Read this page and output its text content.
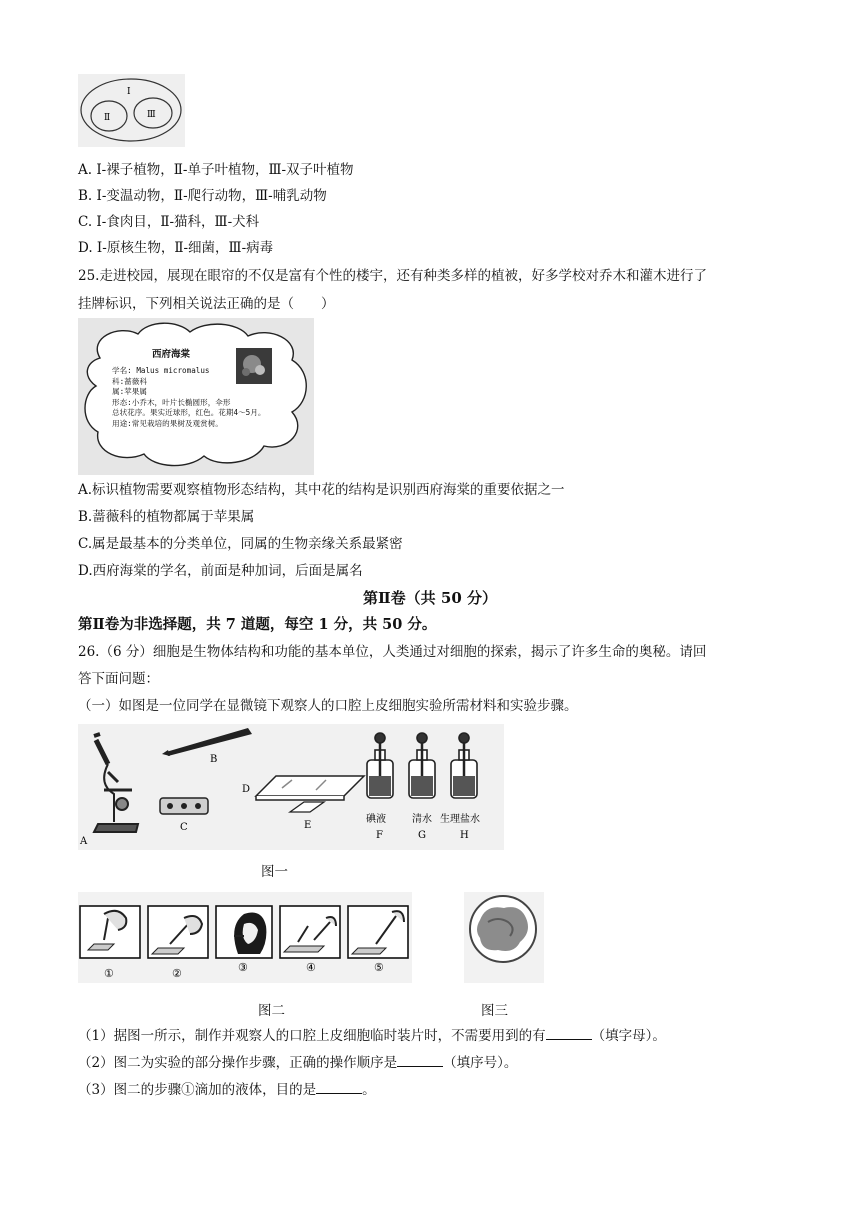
Ⅰ
Ⅱ	Ⅲ
A. Ⅰ-裸子植物，Ⅱ-单子叶植物，Ⅲ-双子叶植物
B. Ⅰ-变温动物，Ⅱ-爬行动物，Ⅲ-哺乳动物
C. Ⅰ-食肉目，Ⅱ-猫科，Ⅲ-犬科
D. Ⅰ-原核生物，Ⅱ-细菌，Ⅲ-病毒
25.走进校园，展现在眼帘的不仅是富有个性的楼宇，还有种类多样的植被，好多学校对乔木和灌木进行了
挂牌标识，下列相关说法正确的是（　　）
西府海棠
学名: Malus micromalus
科:蔷薇科
属:苹果属
形态:小乔木，叶片长椭圆形，伞形
总状花序。果实近球形，红色。花期4～5月。
用途:常见栽培的果树及观赏树。
A.标识植物需要观察植物形态结构，其中花的结构是识别西府海棠的重要依据之一
B.蔷薇科的植物都属于苹果属
C.属是最基本的分类单位，同属的生物亲缘关系最紧密
D.西府海棠的学名，前面是种加词，后面是属名
第Ⅱ卷（共 50 分）
第Ⅱ卷为非选择题，共 7 道题，每空 1 分，共 50 分。
26.（6 分）细胞是生物体结构和功能的基本单位，人类通过对细胞的探索，揭示了许多生命的奥秘。请回
答下面问题：
（一）如图是一位同学在显微镜下观察人的口腔上皮细胞实验所需材料和实验步骤。
A
B
C
D
E
碘液	清水 生理盐水
F	G	H
图一
①	②	③	④	⑤
图二	图三
（1）据图一所示，制作并观察人的口腔上皮细胞临时装片时，不需要用到的有	（填字母）。
（2）图二为实验的部分操作步骤，正确的操作顺序是	（填序号）。
（3）图二的步骤①滴加的液体，目的是	。
